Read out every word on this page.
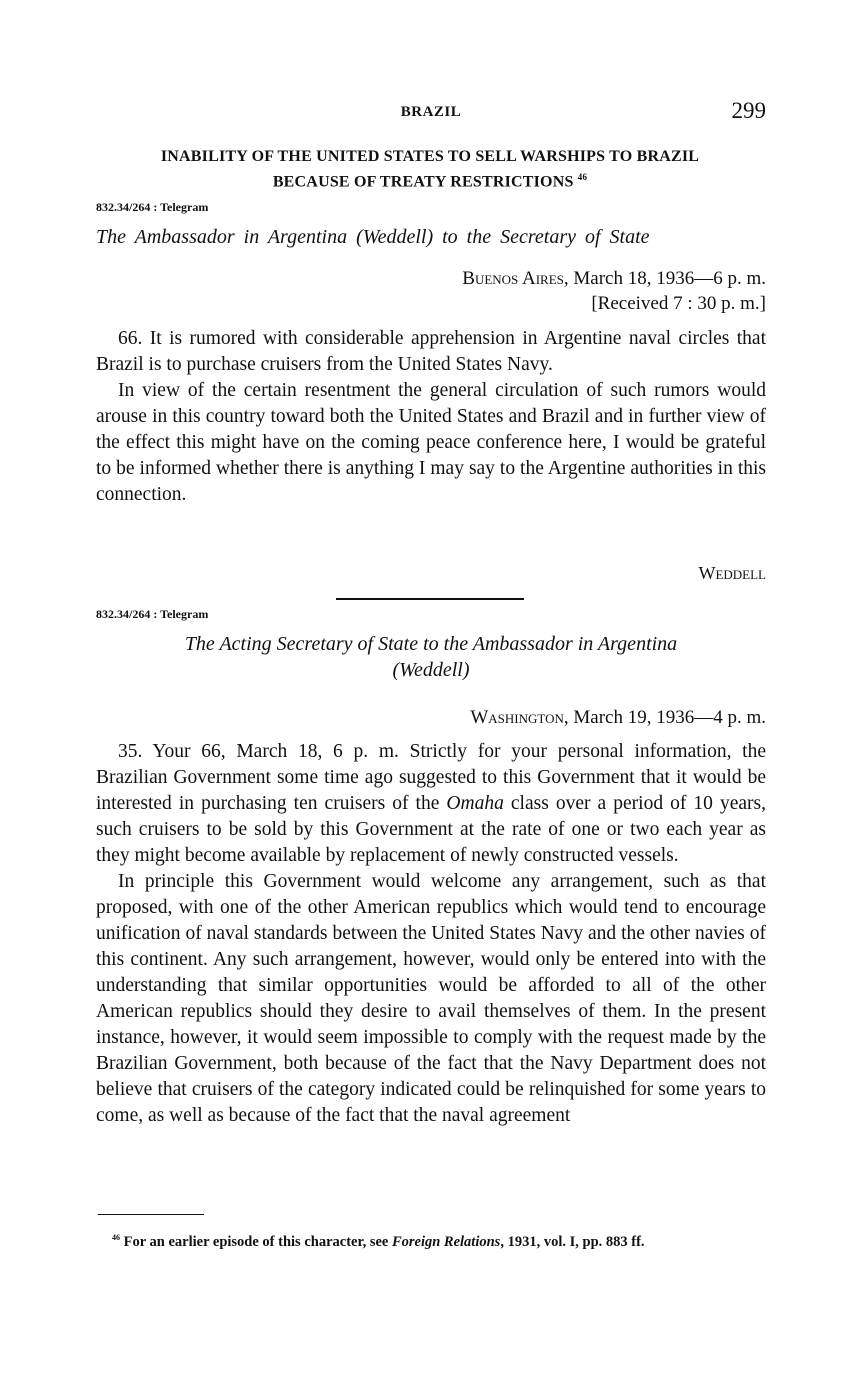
BRAZIL	299
INABILITY OF THE UNITED STATES TO SELL WARSHIPS TO BRAZIL
BECAUSE OF TREATY RESTRICTIONS $^{46}$
832.34/264 : Telegram
The Ambassador in Argentina (Weddell) to the Secretary of State
Buenos Aires, March 18, 1936—6 p. m.
[Received 7 : 30 p. m.]

66. It is rumored with considerable apprehension in Argentine naval circles that Brazil is to purchase cruisers from the United States Navy.

In view of the certain resentment the general circulation of such rumors would arouse in this country toward both the United States and Brazil and in further view of the effect this might have on the coming peace conference here, I would be grateful to be informed whether there is anything I may say to the Argentine authorities in this connection.

Weddell
832.34/264 : Telegram
The Acting Secretary of State to the Ambassador in Argentina
(Weddell)
Washington, March 19, 1936—4 p. m.

35. Your 66, March 18, 6 p. m. Strictly for your personal information, the Brazilian Government some time ago suggested to this Government that it would be interested in purchasing ten cruisers of the Omaha class over a period of 10 years, such cruisers to be sold by this Government at the rate of one or two each year as they might become available by replacement of newly constructed vessels.

In principle this Government would welcome any arrangement, such as that proposed, with one of the other American republics which would tend to encourage unification of naval standards between the United States Navy and the other navies of this continent. Any such arrangement, however, would only be entered into with the understanding that similar opportunities would be afforded to all of the other American republics should they desire to avail themselves of them. In the present instance, however, it would seem impossible to comply with the request made by the Brazilian Government, both because of the fact that the Navy Department does not believe that cruisers of the category indicated could be relinquished for some years to come, as well as because of the fact that the naval agreement

$^{46}$ For an earlier episode of this character, see Foreign Relations, 1931, vol. I, pp. 883 ff.
